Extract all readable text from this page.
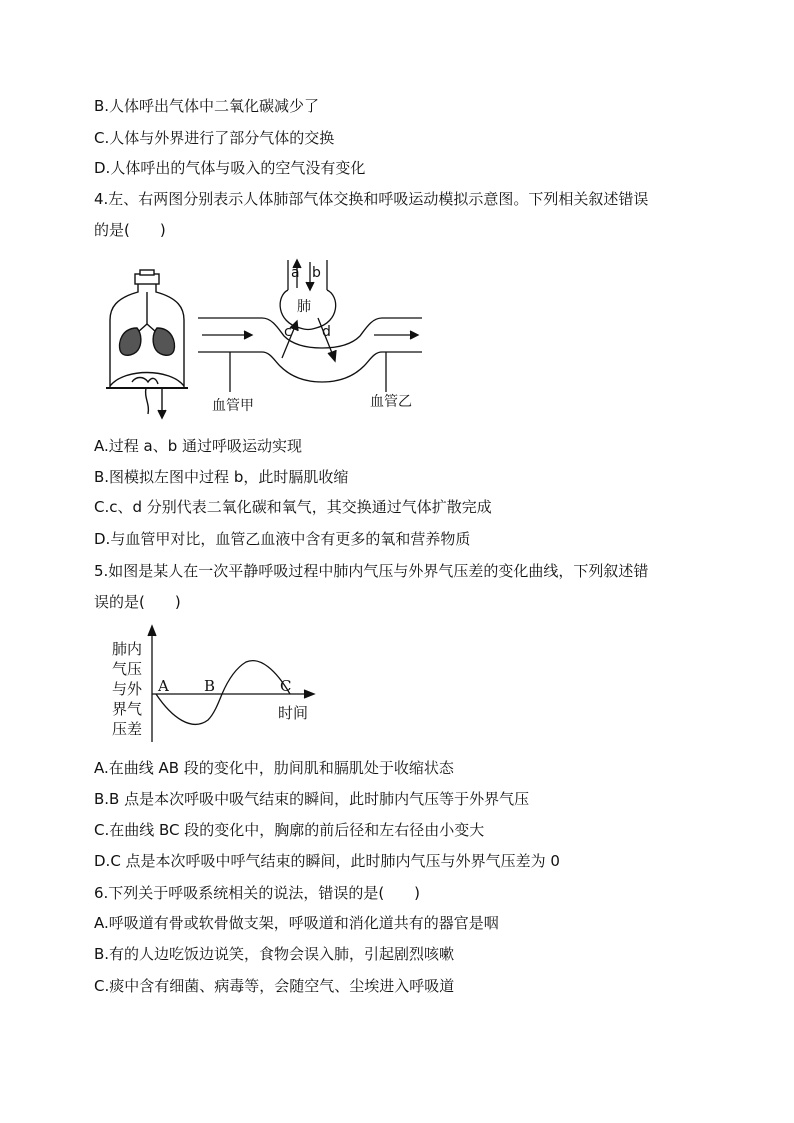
B.人体呼出气体中二氧化碳减少了
C.人体与外界进行了部分气体的交换
D.人体呼出的气体与吸入的空气没有变化
4.左、右两图分别表示人体肺部气体交换和呼吸运动模拟示意图。下列相关叙述错误
的是(　　)
a b
肺
c d
血管甲	血管乙
A.过程 a、b 通过呼吸运动实现
B.图模拟左图中过程 b，此时膈肌收缩
C.c、d 分别代表二氧化碳和氧气，其交换通过气体扩散完成
D.与血管甲对比，血管乙血液中含有更多的氧和营养物质
5.如图是某人在一次平静呼吸过程中肺内气压与外界气压差的变化曲线，下列叙述错
误的是(　　)
肺内
气压
与外
界气
压差
A B	C
时间
A.在曲线 AB 段的变化中，肋间肌和膈肌处于收缩状态
B.B 点是本次呼吸中吸气结束的瞬间，此时肺内气压等于外界气压
C.在曲线 BC 段的变化中，胸廓的前后径和左右径由小变大
D.C 点是本次呼吸中呼气结束的瞬间，此时肺内气压与外界气压差为 0
6.下列关于呼吸系统相关的说法，错误的是(　　)
A.呼吸道有骨或软骨做支架，呼吸道和消化道共有的器官是咽
B.有的人边吃饭边说笑，食物会误入肺，引起剧烈咳嗽
C.痰中含有细菌、病毒等，会随空气、尘埃进入呼吸道
